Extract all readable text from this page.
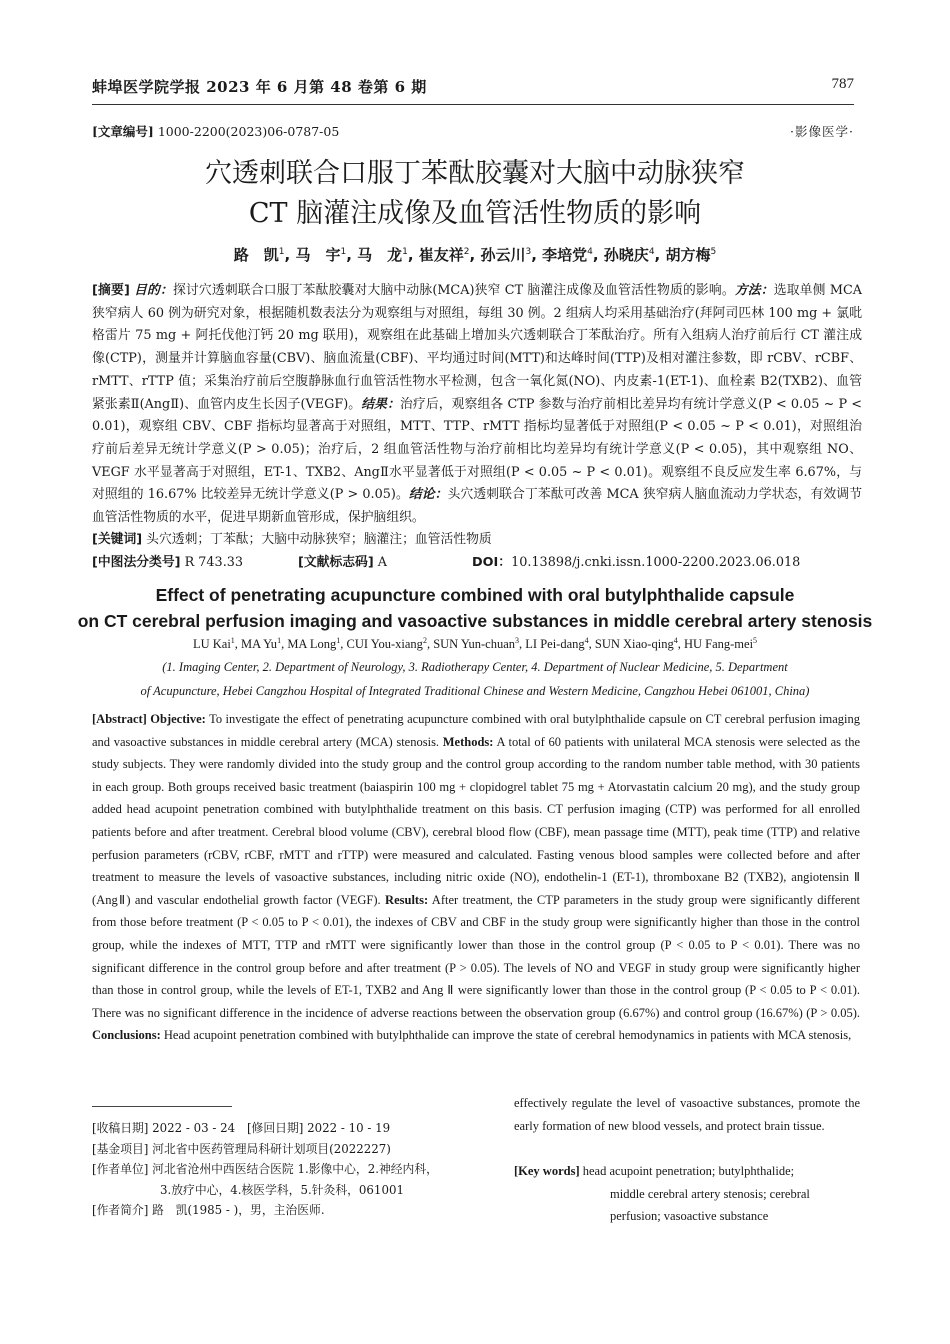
蚌埠医学院学报 2023 年 6 月第 48 卷第 6 期	787
[文章编号] 1000-2200(2023)06-0787-05	·影像医学·
穴透刺联合口服丁苯酞胶囊对大脑中动脉狭窄
CT 脑灌注成像及血管活性物质的影响
路　凯$^1$, 马　宇$^1$, 马　龙$^1$, 崔友祥$^2$, 孙云川$^3$, 李培党$^4$, 孙晓庆$^4$, 胡方梅$^5$
[摘要] 目的：探讨穴透刺联合口服丁苯酞胶囊对大脑中动脉(MCA)狭窄 CT 脑灌注成像及血管活性物质的影响。方法：选取单侧 MCA 狭窄病人 60 例为研究对象，根据随机数表法分为观察组与对照组，每组 30 例。2 组病人均采用基础治疗(拜阿司匹林 100 mg + 氯吡格雷片 75 mg + 阿托伐他汀钙 20 mg 联用)，观察组在此基础上增加头穴透刺联合丁苯酞治疗。所有入组病人治疗前后行 CT 灌注成像(CTP)，测量并计算脑血容量(CBV)、脑血流量(CBF)、平均通过时间(MTT)和达峰时间(TTP)及相对灌注参数，即 rCBV、rCBF、rMTT、rTTP 值；采集治疗前后空腹静脉血行血管活性物水平检测，包含一氧化氮(NO)、内皮素-1(ET-1)、血栓素 B2(TXB2)、血管紧张素Ⅱ(AngⅡ)、血管内皮生长因子(VEGF)。结果：治疗后，观察组各 CTP 参数与治疗前相比差异均有统计学意义(P < 0.05 ~ P < 0.01)，观察组 CBV、CBF 指标均显著高于对照组，MTT、TTP、rMTT 指标均显著低于对照组(P < 0.05 ~ P < 0.01)，对照组治疗前后差异无统计学意义(P > 0.05)；治疗后，2 组血管活性物与治疗前相比均差异均有统计学意义(P < 0.05)，其中观察组 NO、VEGF 水平显著高于对照组，ET-1、TXB2、AngⅡ水平显著低于对照组(P < 0.05 ~ P < 0.01)。观察组不良反应发生率 6.67%，与对照组的 16.67% 比较差异无统计学意义(P > 0.05)。结论：头穴透刺联合丁苯酞可改善 MCA 狭窄病人脑血流动力学状态，有效调节血管活性物质的水平，促进早期新血管形成，保护脑组织。
[关键词] 头穴透刺；丁苯酞；大脑中动脉狭窄；脑灌注；血管活性物质
[中图法分类号] R 743.33	[文献标志码] A	DOI：10.13898/j.cnki.issn.1000-2200.2023.06.018
Effect of penetrating acupuncture combined with oral butylphthalide capsule
on CT cerebral perfusion imaging and vasoactive substances in middle cerebral artery stenosis
LU Kai$^1$, MA Yu$^1$, MA Long$^1$, CUI You-xiang$^2$, SUN Yun-chuan$^3$, LI Pei-dang$^4$, SUN Xiao-qing$^4$, HU Fang-mei$^5$
(1. Imaging Center, 2. Department of Neurology, 3. Radiotherapy Center, 4. Department of Nuclear Medicine, 5. Department
of Acupuncture, Hebei Cangzhou Hospital of Integrated Traditional Chinese and Western Medicine, Cangzhou Hebei 061001, China)
[Abstract] Objective: To investigate the effect of penetrating acupuncture combined with oral butylphthalide capsule on CT cerebral perfusion imaging and vasoactive substances in middle cerebral artery (MCA) stenosis. Methods: A total of 60 patients with unilateral MCA stenosis were selected as the study subjects. They were randomly divided into the study group and the control group according to the random number table method, with 30 patients in each group. Both groups received basic treatment (baiaspirin 100 mg + clopidogrel tablet 75 mg + Atorvastatin calcium 20 mg), and the study group added head acupoint penetration combined with butylphthalide treatment on this basis. CT perfusion imaging (CTP) was performed for all enrolled patients before and after treatment. Cerebral blood volume (CBV), cerebral blood flow (CBF), mean passage time (MTT), peak time (TTP) and relative perfusion parameters (rCBV, rCBF, rMTT and rTTP) were measured and calculated. Fasting venous blood samples were collected before and after treatment to measure the levels of vasoactive substances, including nitric oxide (NO), endothelin-1 (ET-1), thromboxane B2 (TXB2), angiotensin Ⅱ (AngⅡ) and vascular endothelial growth factor (VEGF). Results: After treatment, the CTP parameters in the study group were significantly different from those before treatment (P < 0.05 to P < 0.01), the indexes of CBV and CBF in the study group were significantly higher than those in the control group, while the indexes of MTT, TTP and rMTT were significantly lower than those in the control group (P < 0.05 to P < 0.01). There was no significant difference in the control group before and after treatment (P > 0.05). The levels of NO and VEGF in study group were significantly higher than those in control group, while the levels of ET-1, TXB2 and Ang Ⅱ were significantly lower than those in the control group (P < 0.05 to P < 0.01). There was no significant difference in the incidence of adverse reactions between the observation group (6.67%) and control group (16.67%) (P > 0.05). Conclusions: Head acupoint penetration combined with butylphthalide can improve the state of cerebral hemodynamics in patients with MCA stenosis,
effectively regulate the level of vasoactive substances, promote the early formation of new blood vessels, and protect brain tissue.
[Key words] head acupoint penetration; butylphthalide;
middle cerebral artery stenosis; cerebral
perfusion; vasoactive substance
[收稿日期] 2022 - 03 - 24　[修回日期] 2022 - 10 - 19
[基金项目] 河北省中医药管理局科研计划项目(2022227)
[作者单位] 河北省沧州中西医结合医院 1.影像中心，2.神经内科，
3.放疗中心，4.核医学科，5.针灸科，061001
[作者简介] 路　凯(1985 - )，男，主治医师.
